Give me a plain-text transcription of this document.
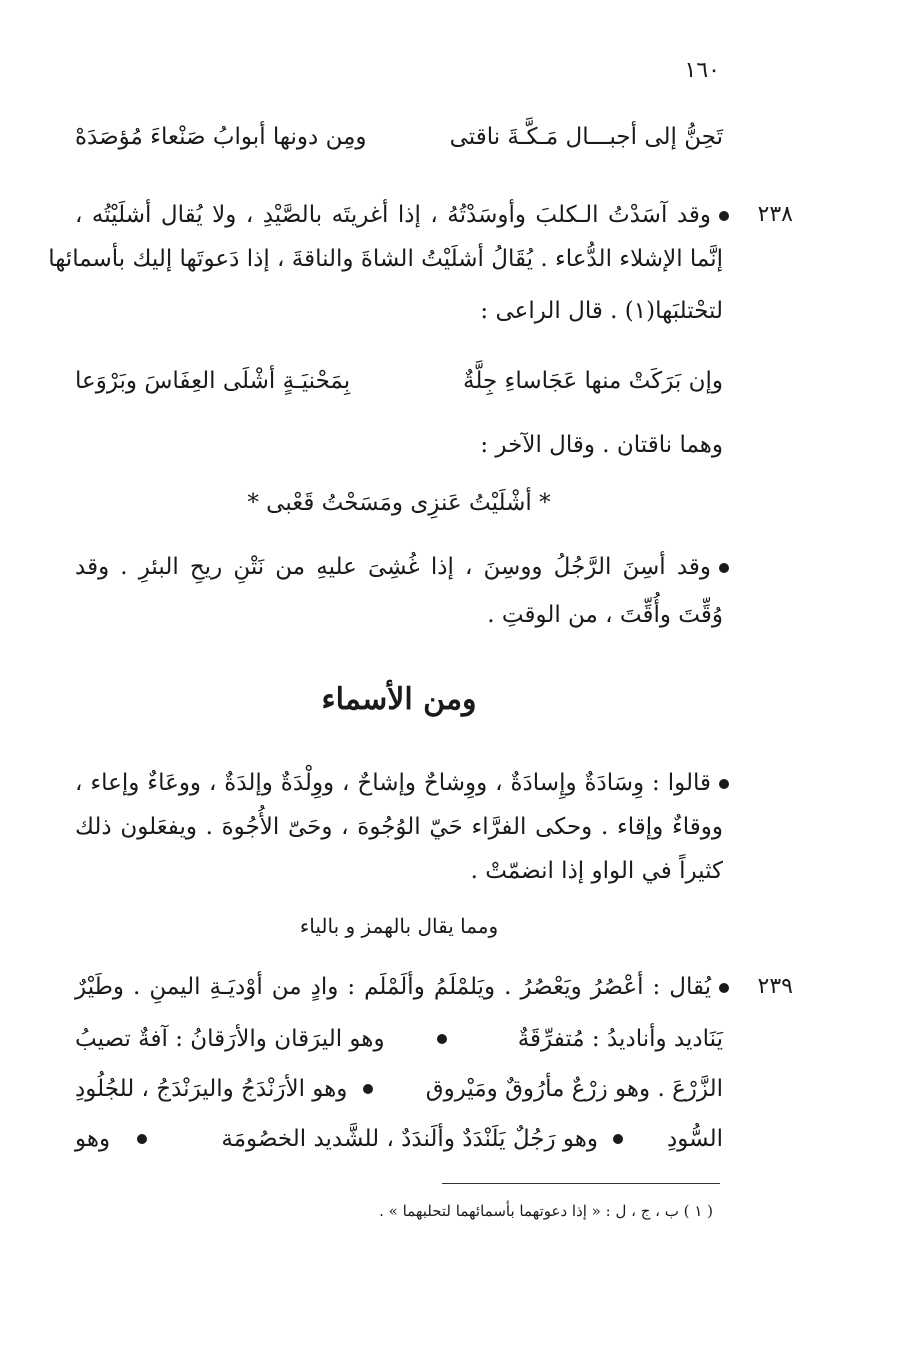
١٦٠
تَحِنُّ إلى أجبـــال مَـكَّـةَ ناقتى
ومِن دونها أبوابُ صَنْعاءَ مُؤصَدَهْ
٢٣٨
وقد آسَدْتُ الـكلبَ وأوسَدْتُهُ ، إذا أغريتَه بالصَّيْدِ ، ولا يُقال أشلَيْتُه ،
إنَّما الإشلاء الدُّعاء . يُقَالُ أشلَيْتُ الشاةَ والناقةَ ، إذا دَعوتَها إليك بأسمائها
لتحْتلبَها(١) . قال الراعى :
وإن بَرَكَتْ منها عَجَاساءِ جِلَّةٌ
بِمَحْنيَـةٍ أشْلَى العِفَاسَ وبَرْوَعا
وهما ناقتان . وقال الآخر :
* أشْلَيْتُ عَنزِى ومَسَحْتُ قَعْبى *
وقد أسِنَ الرَّجُلُ ووسِنَ ، إذا غُشِىَ عليهِ من نَتْنِ ريحِ البئرِ . وقد
وُقِّتَ وأُقِّتَ ، من الوقتِ .
ومن الأسماء
قالوا : وِسَادَةٌ وإِسادَةٌ ، ووِشاحٌ وإشاحٌ ، ووِلْدَةٌ وإلدَةٌ ، ووعَاءٌ وإعاء ،
ووقاءٌ وإقاء . وحكى الفرَّاء حَيّ الوُجُوهَ ، وحَىّ الأُجُوهَ . ويفعَلون ذلك
كثيراً في الواو إذا انضمّتْ .
ومما يقال بالهمز و بالياء
٢٣٩
يُقال : أعْصُرُ ويَعْصُرُ . ويَلمْلَمُ وألَمْلَم : وادٍ من أوْديَـةِ اليمنِ . وطَيْرٌ
يَنَاديد وأناديدُ : مُتفرِّقَةٌ
وهو اليرَقان والأرَقانُ : آفةٌ تصيبُ
الزَّرْعَ . وهو زرْعٌ مأرُوقٌ ومَيْروق
وهو الأرَنْدَجُ واليرَنْدَجُ ، للجُلُودِ
السُّودِ
وهو رَجُلٌ يَلَنْدَدٌ وألَندَدٌ ، للشَّديد الخصُومَة
وهو
( ١ ) ب ، ج ، ل : « إذا دعوتهما بأسمائهما لتحلبهما » .
